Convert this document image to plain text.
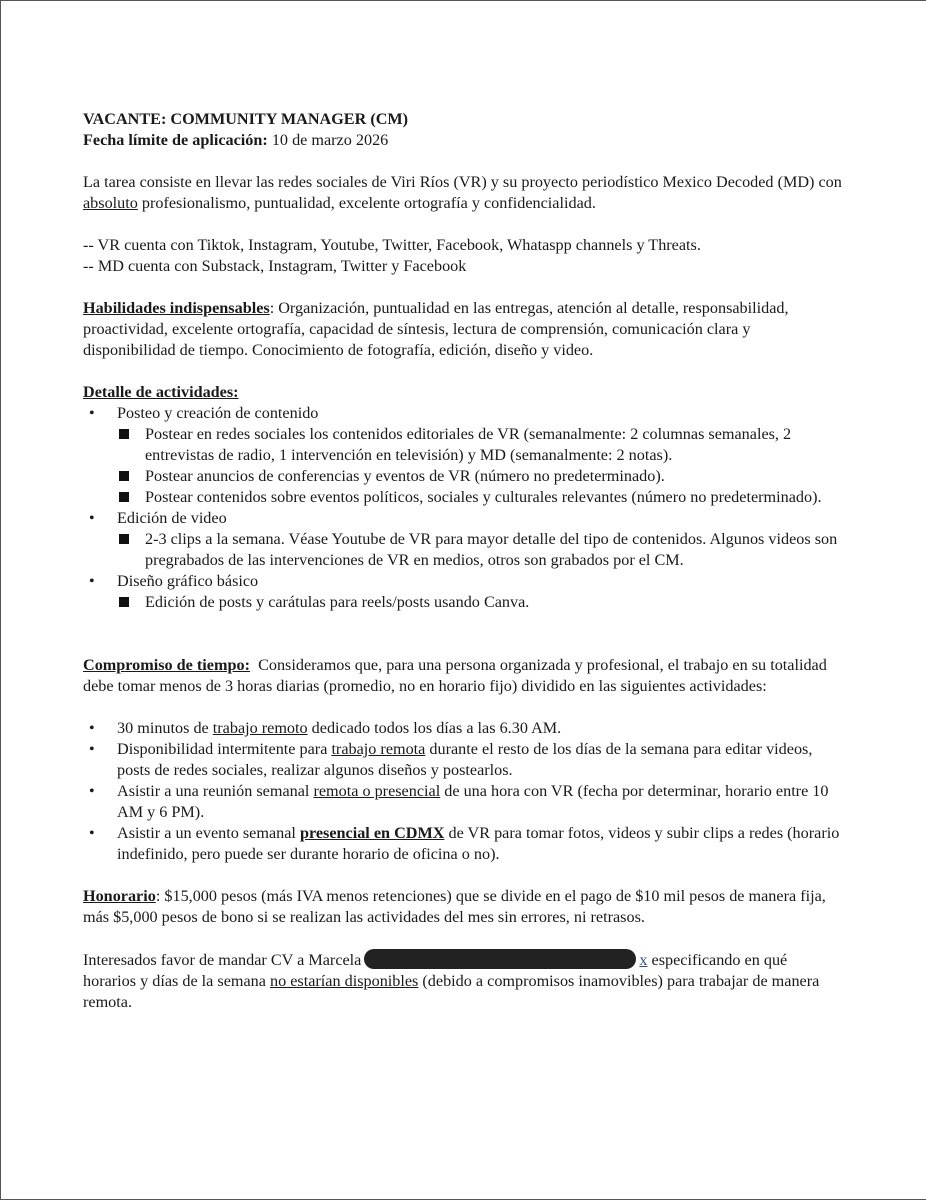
VACANTE: COMMUNITY MANAGER (CM)

Fecha límite de aplicación: 10 de marzo 2026

La tarea consiste en llevar las redes sociales de Viri Ríos (VR) y su proyecto periodístico Mexico Decoded (MD) con absoluto profesionalismo, puntualidad, excelente ortografía y confidencialidad.

-- VR cuenta con Tiktok, Instagram, Youtube, Twitter, Facebook, Whataspp channels y Threats.

-- MD cuenta con Substack, Instagram, Twitter y Facebook

Habilidades indispensables: Organización, puntualidad en las entregas, atención al detalle, responsabilidad, proactividad, excelente ortografía, capacidad de síntesis, lectura de comprensión, comunicación clara y disponibilidad de tiempo. Conocimiento de fotografía, edición, diseño y video.

Detalle de actividades:

• Posteo y creación de contenido
Postear en redes sociales los contenidos editoriales de VR (semanalmente: 2 columnas semanales, 2 entrevistas de radio, 1 intervención en televisión) y MD (semanalmente: 2 notas).
Postear anuncios de conferencias y eventos de VR (número no predeterminado).
Postear contenidos sobre eventos políticos, sociales y culturales relevantes (número no predeterminado).
• Edición de video
2-3 clips a la semana. Véase Youtube de VR para mayor detalle del tipo de contenidos. Algunos videos son pregrabados de las intervenciones de VR en medios, otros son grabados por el CM.
• Diseño gráfico básico
Edición de posts y carátulas para reels/posts usando Canva.

Compromiso de tiempo: Consideramos que, para una persona organizada y profesional, el trabajo en su totalidad debe tomar menos de 3 horas diarias (promedio, no en horario fijo) dividido en las siguientes actividades:

• 30 minutos de trabajo remoto dedicado todos los días a las 6.30 AM.
• Disponibilidad intermitente para trabajo remota durante el resto de los días de la semana para editar videos, posts de redes sociales, realizar algunos diseños y postearlos.
• Asistir a una reunión semanal remota o presencial de una hora con VR (fecha por determinar, horario entre 10 AM y 6 PM).
• Asistir a un evento semanal presencial en CDMX de VR para tomar fotos, videos y subir clips a redes (horario indefinido, pero puede ser durante horario de oficina o no).

Honorario: $15,000 pesos (más IVA menos retenciones) que se divide en el pago de $10 mil pesos de manera fija, más $5,000 pesos de bono si se realizan las actividades del mes sin errores, ni retrasos.

Interesados favor de mandar CV a Marcela	x especificando en qué horarios y días de la semana no estarían disponibles (debido a compromisos inamovibles) para trabajar de manera remota.
